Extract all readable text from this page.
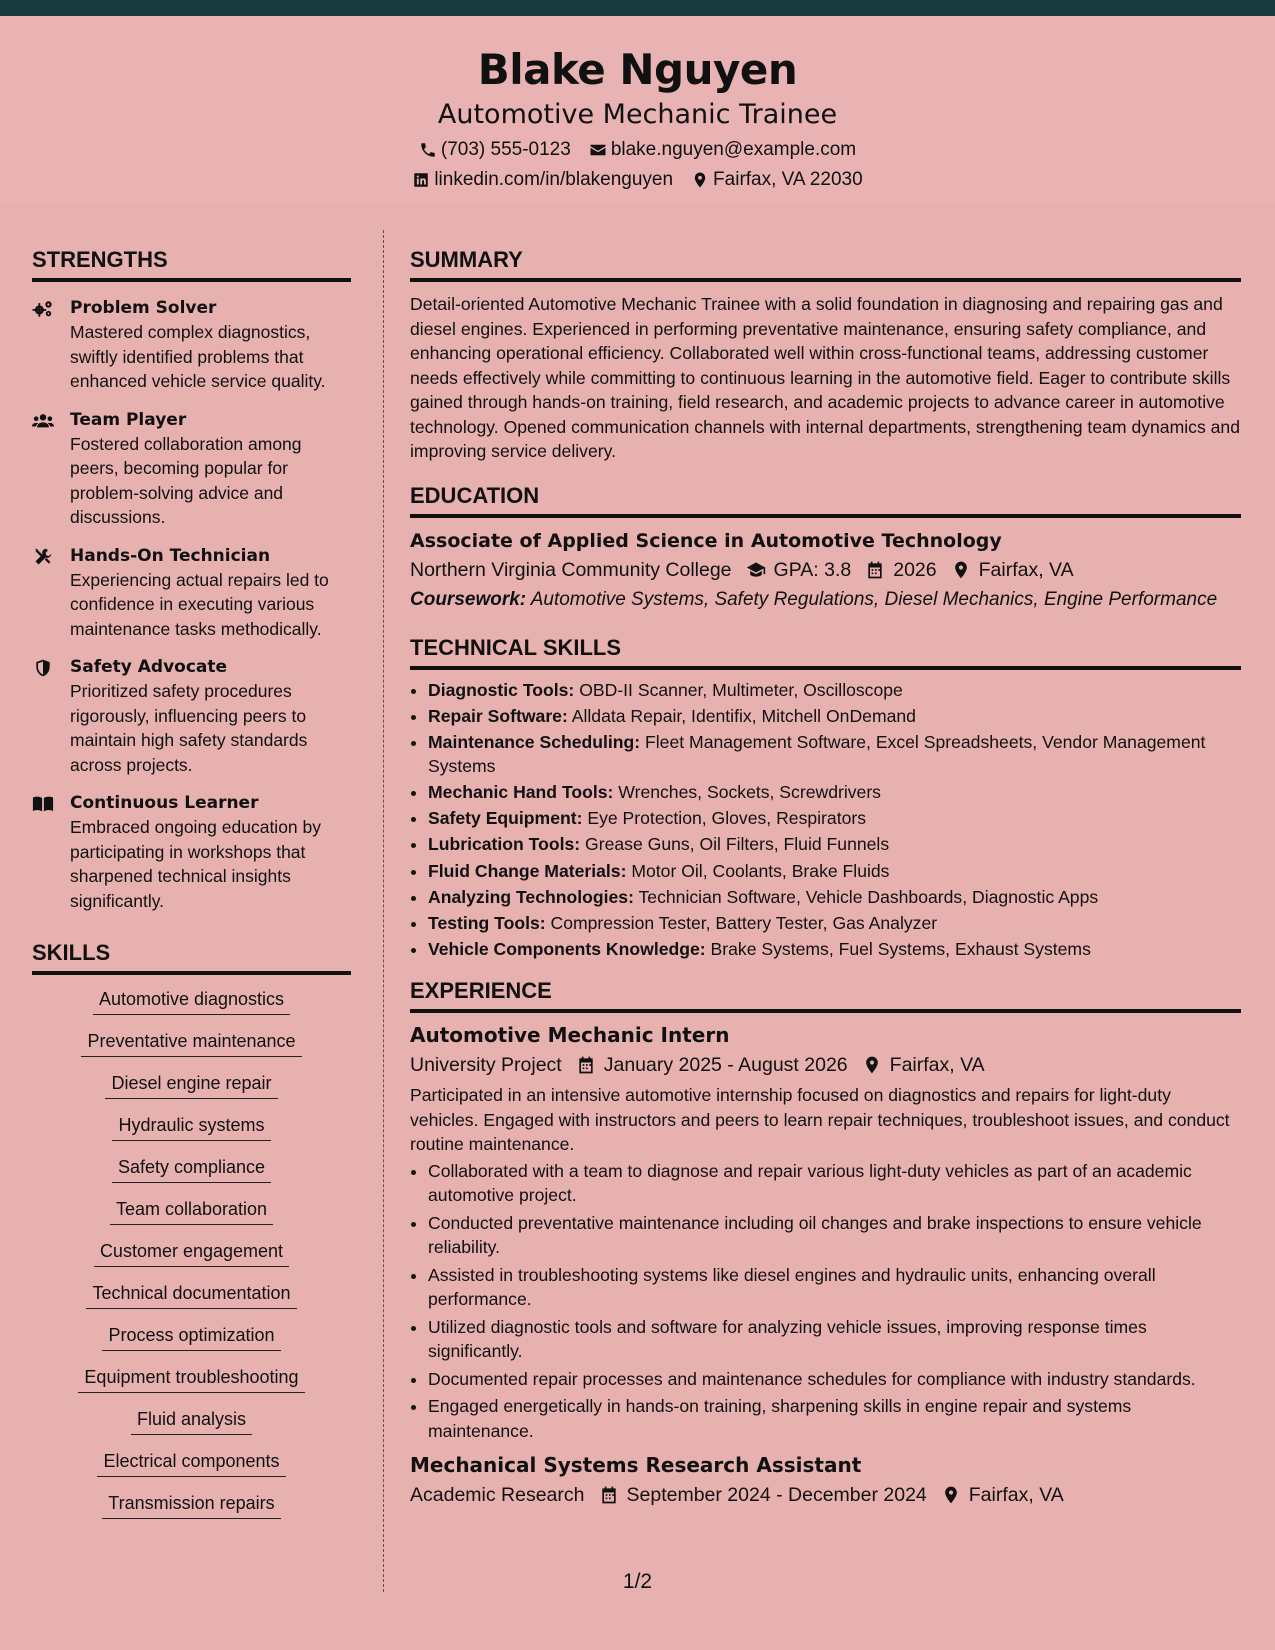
Blake Nguyen
Automotive Mechanic Trainee
(703) 555-0123 blake.nguyen@example.com
linkedin.com/in/blakenguyen Fairfax, VA 22030
STRENGTHS
Problem Solver
Mastered complex diagnostics, swiftly identified problems that enhanced vehicle service quality.
Team Player
Fostered collaboration among peers, becoming popular for problem-solving advice and discussions.
Hands-On Technician
Experiencing actual repairs led to confidence in executing various maintenance tasks methodically.
Safety Advocate
Prioritized safety procedures rigorously, influencing peers to maintain high safety standards across projects.
Continuous Learner
Embraced ongoing education by participating in workshops that sharpened technical insights significantly.
SKILLS
Automotive diagnostics
Preventative maintenance
Diesel engine repair
Hydraulic systems
Safety compliance
Team collaboration
Customer engagement
Technical documentation
Process optimization
Equipment troubleshooting
Fluid analysis
Electrical components
Transmission repairs
SUMMARY
Detail-oriented Automotive Mechanic Trainee with a solid foundation in diagnosing and repairing gas and diesel engines. Experienced in performing preventative maintenance, ensuring safety compliance, and enhancing operational efficiency. Collaborated well within cross-functional teams, addressing customer needs effectively while committing to continuous learning in the automotive field. Eager to contribute skills gained through hands-on training, field research, and academic projects to advance career in automotive technology. Opened communication channels with internal departments, strengthening team dynamics and improving service delivery.
EDUCATION
Associate of Applied Science in Automotive Technology
Northern Virginia Community College GPA: 3.8 2026 Fairfax, VA
Coursework: Automotive Systems, Safety Regulations, Diesel Mechanics, Engine Performance
TECHNICAL SKILLS
• Diagnostic Tools: OBD-II Scanner, Multimeter, Oscilloscope
• Repair Software: Alldata Repair, Identifix, Mitchell OnDemand
• Maintenance Scheduling: Fleet Management Software, Excel Spreadsheets, Vendor Management Systems
• Mechanic Hand Tools: Wrenches, Sockets, Screwdrivers
• Safety Equipment: Eye Protection, Gloves, Respirators
• Lubrication Tools: Grease Guns, Oil Filters, Fluid Funnels
• Fluid Change Materials: Motor Oil, Coolants, Brake Fluids
• Analyzing Technologies: Technician Software, Vehicle Dashboards, Diagnostic Apps
• Testing Tools: Compression Tester, Battery Tester, Gas Analyzer
• Vehicle Components Knowledge: Brake Systems, Fuel Systems, Exhaust Systems
EXPERIENCE
Automotive Mechanic Intern
University Project January 2025 - August 2026 Fairfax, VA
Participated in an intensive automotive internship focused on diagnostics and repairs for light-duty vehicles. Engaged with instructors and peers to learn repair techniques, troubleshoot issues, and conduct routine maintenance.
• Collaborated with a team to diagnose and repair various light-duty vehicles as part of an academic automotive project.
• Conducted preventative maintenance including oil changes and brake inspections to ensure vehicle reliability.
• Assisted in troubleshooting systems like diesel engines and hydraulic units, enhancing overall performance.
• Utilized diagnostic tools and software for analyzing vehicle issues, improving response times significantly.
• Documented repair processes and maintenance schedules for compliance with industry standards.
• Engaged energetically in hands-on training, sharpening skills in engine repair and systems maintenance.
Mechanical Systems Research Assistant
Academic Research September 2024 - December 2024 Fairfax, VA
1/2
